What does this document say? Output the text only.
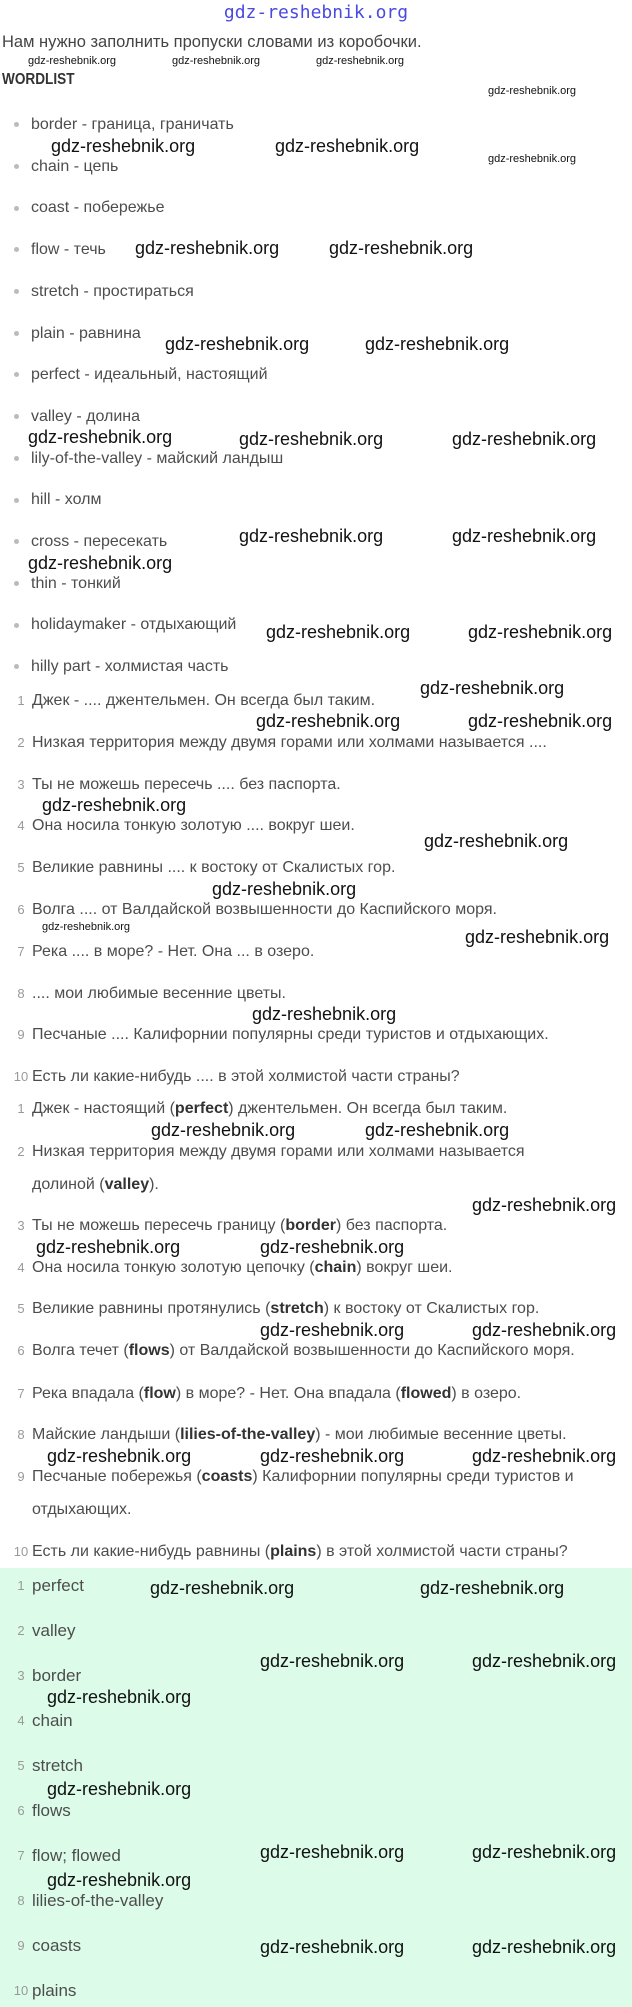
gdz-reshebnik.org
Нам нужно заполнить пропуски словами из коробочки.
WORDLIST
border - граница, граничать
chain - цепь
coast - побережье
flow - течь
stretch - простираться
plain - равнина
perfect - идеальный, настоящий
valley - долина
lily-of-the-valley - майский ландыш
hill - холм
cross - пересекать
thin - тонкий
holidaymaker - отдыхающий
hilly part - холмистая часть
1 Джек - .... джентельмен. Он всегда был таким.
2 Низкая территория между двумя горами или холмами называется ....
3 Ты не можешь пересечь .... без паспорта.
4 Она носила тонкую золотую .... вокруг шеи.
5 Великие равнины .... к востоку от Скалистых гор.
6 Волга .... от Валдайской возвышенности до Каспийского моря.
7 Река .... в море? - Нет. Она ... в озеро.
8 .... мои любимые весенние цветы.
9 Песчаные .... Калифорнии популярны среди туристов и отдыхающих.
10 Есть ли какие-нибудь .... в этой холмистой части страны?
1 Джек - настоящий (perfect) джентельмен. Он всегда был таким.
2 Низкая территория между двумя горами или холмами называется долиной (valley).
3 Ты не можешь пересечь границу (border) без паспорта.
4 Она носила тонкую золотую цепочку (chain) вокруг шеи.
5 Великие равнины протянулись (stretch) к востоку от Скалистых гор.
6 Волга течет (flows) от Валдайской возвышенности до Каспийского моря.
7 Река впадала (flow) в море? - Нет. Она впадала (flowed) в озеро.
8 Майские ландыши (lilies-of-the-valley) - мои любимые весенние цветы.
9 Песчаные побережья (coasts) Калифорнии популярны среди туристов и отдыхающих.
10 Есть ли какие-нибудь равнины (plains) в этой холмистой части страны?
1 perfect
2 valley
3 border
4 chain
5 stretch
6 flows
7 flow; flowed
8 lilies-of-the-valley
9 coasts
10 plains
gdz-reshebnik.org	gdz-reshebnik.org	gdz-reshebnik.org
gdz-reshebnik.org
gdz-reshebnik.org
gdz-reshebnik.org	gdz-reshebnik.org
gdz-reshebnik.org	gdz-reshebnik.org
gdz-reshebnik.org	gdz-reshebnik.org
gdz-reshebnik.org	gdz-reshebnik.org	gdz-reshebnik.org
gdz-reshebnik.org	gdz-reshebnik.org
gdz-reshebnik.org
gdz-reshebnik.org	gdz-reshebnik.org
gdz-reshebnik.org
gdz-reshebnik.org	gdz-reshebnik.org
gdz-reshebnik.org
gdz-reshebnik.org
gdz-reshebnik.org
gdz-reshebnik.org	gdz-reshebnik.org
gdz-reshebnik.org
gdz-reshebnik.org	gdz-reshebnik.org
gdz-reshebnik.org
gdz-reshebnik.org	gdz-reshebnik.org
gdz-reshebnik.org
gdz-reshebnik.org
gdz-reshebnik.org	gdz-reshebnik.org	gdz-reshebnik.org
gdz-reshebnik.org	gdz-reshebnik.org
gdz-reshebnik.org	gdz-reshebnik.org
gdz-reshebnik.org
gdz-reshebnik.org
gdz-reshebnik.org	gdz-reshebnik.org
gdz-reshebnik.org
gdz-reshebnik.org	gdz-reshebnik.org
